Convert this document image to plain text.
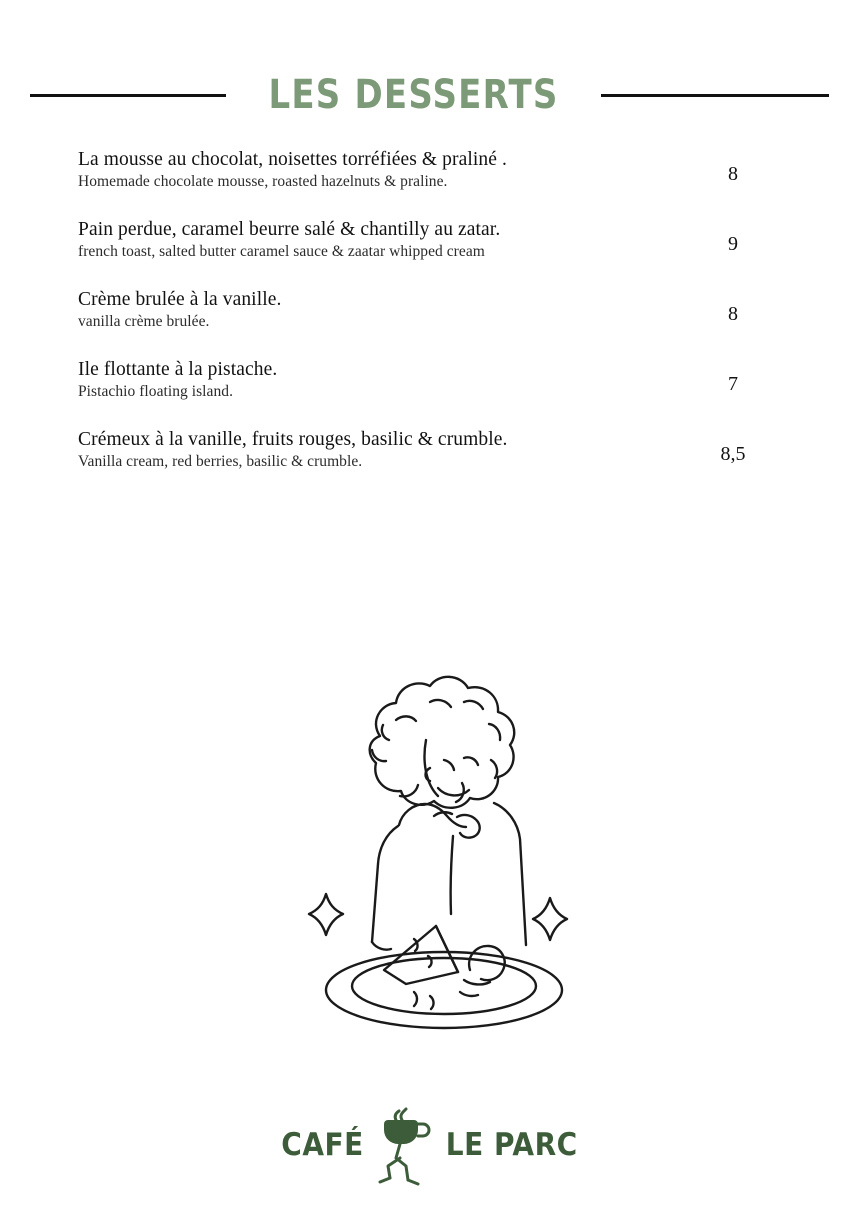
LES DESSERTS
La mousse au chocolat, noisettes torréfiées & praliné .
Homemade chocolate mousse, roasted hazelnuts & praline.	8
Pain perdue, caramel beurre salé & chantilly au zatar.
french toast, salted butter caramel sauce & zaatar whipped cream	9
Crème brulée à la vanille.
vanilla crème brulée.	8
Ile flottante à la pistache.
Pistachio floating island.	7
Crémeux à la vanille, fruits rouges, basilic & crumble.
Vanilla cream, red berries, basilic & crumble.	8,5
CAFÉ	LE PARC
